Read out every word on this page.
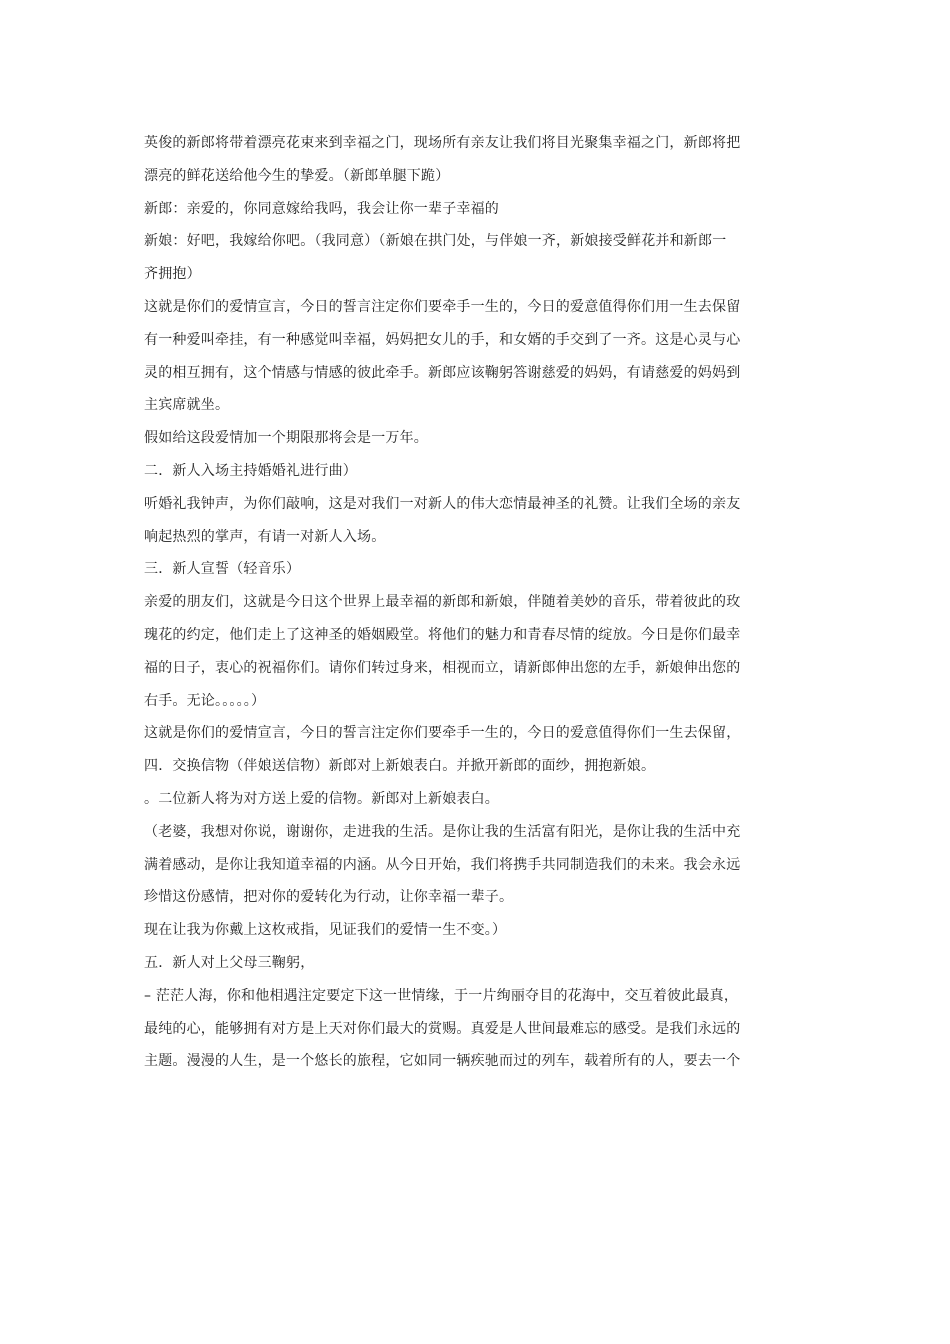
英俊的新郎将带着漂亮花束来到幸福之门，现场所有亲友让我们将目光聚集幸福之门，新郎将把
漂亮的鲜花送给他今生的挚爱。（新郎单腿下跪）
新郎：亲爱的，你同意嫁给我吗，我会让你一辈子幸福的
新娘：好吧，我嫁给你吧。（我同意）（新娘在拱门处，与伴娘一齐，新娘接受鲜花并和新郎一
齐拥抱）
这就是你们的爱情宣言，今日的誓言注定你们要牵手一生的，今日的爱意值得你们用一生去保留
有一种爱叫牵挂，有一种感觉叫幸福，妈妈把女儿的手，和女婿的手交到了一齐。这是心灵与心
灵的相互拥有，这个情感与情感的彼此牵手。新郎应该鞠躬答谢慈爱的妈妈，有请慈爱的妈妈到
主宾席就坐。
假如给这段爱情加一个期限那将会是一万年。
二．新人入场主持婚婚礼进行曲）
听婚礼我钟声，为你们敲响，这是对我们一对新人的伟大恋情最神圣的礼赞。让我们全场的亲友
响起热烈的掌声，有请一对新人入场。
三．新人宣誓（轻音乐）
亲爱的朋友们，这就是今日这个世界上最幸福的新郎和新娘，伴随着美妙的音乐，带着彼此的玫
瑰花的约定，他们走上了这神圣的婚姻殿堂。将他们的魅力和青春尽情的绽放。今日是你们最幸
福的日子，衷心的祝福你们。请你们转过身来，相视而立，请新郎伸出您的左手，新娘伸出您的
右手。无论。。。。。）
这就是你们的爱情宣言，今日的誓言注定你们要牵手一生的，今日的爱意值得你们一生去保留，
四．交换信物（伴娘送信物）新郎对上新娘表白。并掀开新郎的面纱，拥抱新娘。
。二位新人将为对方送上爱的信物。新郎对上新娘表白。
（老婆，我想对你说，谢谢你，走进我的生活。是你让我的生活富有阳光，是你让我的生活中充
满着感动，是你让我知道幸福的内涵。从今日开始，我们将携手共同制造我们的未来。我会永远
珍惜这份感情，把对你的爱转化为行动，让你幸福一辈子。
现在让我为你戴上这枚戒指，见证我们的爱情一生不变。）
五．新人对上父母三鞠躬，
– 茫茫人海，你和他相遇注定要定下这一世情缘，于一片绚丽夺目的花海中，交互着彼此最真，
最纯的心，能够拥有对方是上天对你们最大的赏赐。真爱是人世间最难忘的感受。是我们永远的
主题。漫漫的人生，是一个悠长的旅程，它如同一辆疾驰而过的列车，载着所有的人，要去一个
